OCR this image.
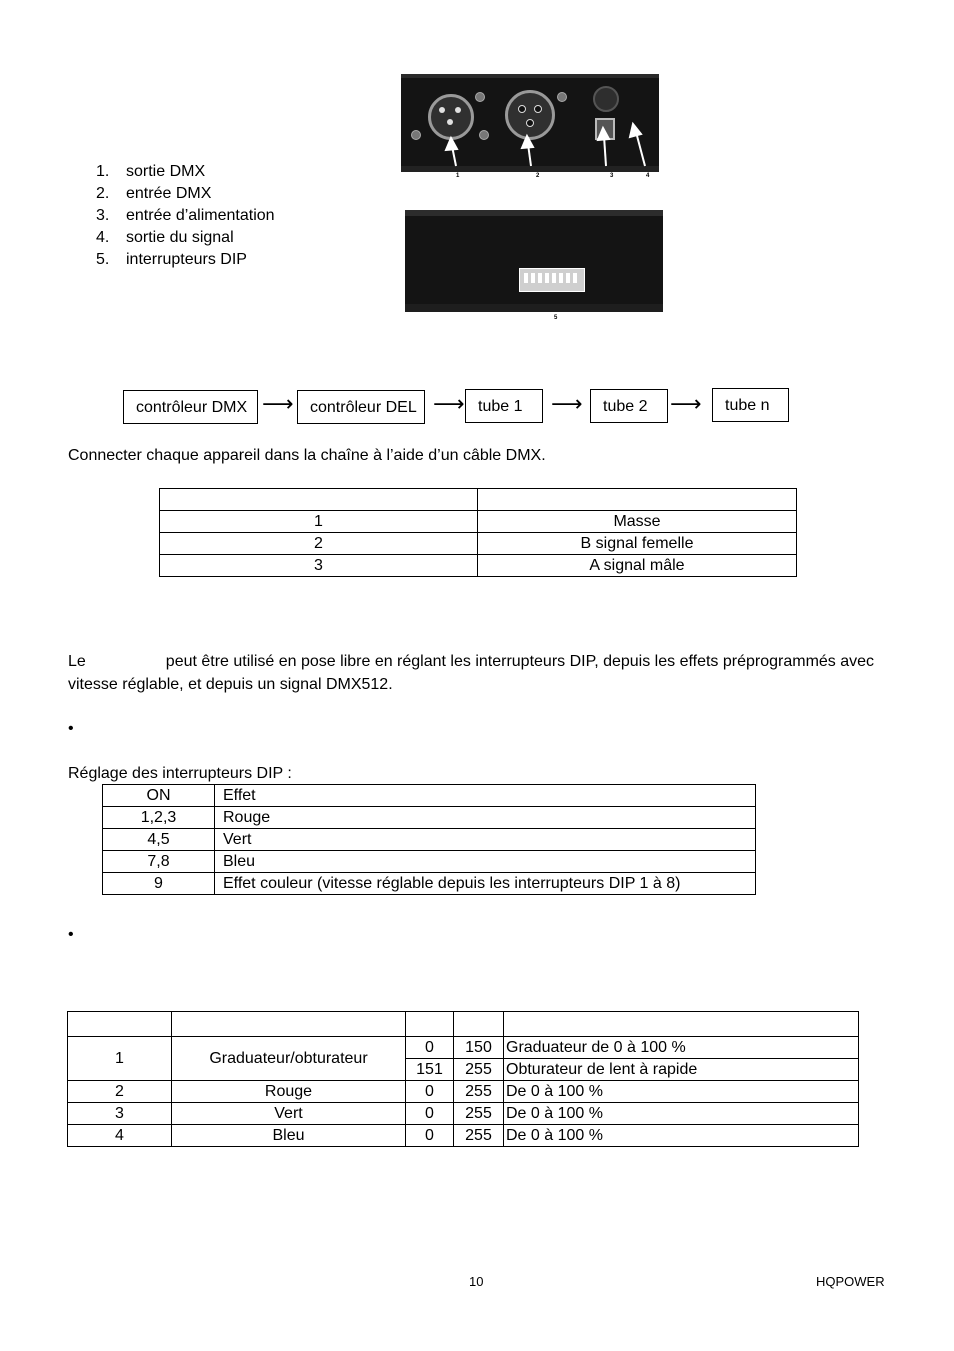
1. sortie DMX
2. entrée DMX
3. entrée d’alimentation
4. sortie du signal
5. interrupteurs DIP
1	2	3	4
5
contrôleur DMX ⟶	contrôleur DEL ⟶ tube 1	⟶	tube 2	⟶	tube n
Connecter chaque appareil dans la chaîne à l’aide d’un câble DMX.

1	Masse
2	B signal femelle
3	A signal mâle
Le	peut être utilisé en pose libre en réglant les interrupteurs DIP, depuis les effets préprogrammés avec
vitesse réglable, et depuis un signal DMX512.
•
Réglage des interrupteurs DIP :
ON	Effet
1,2,3	Rouge
4,5	Vert
7,8	Bleu
9	Effet couleur (vitesse réglable depuis les interrupteurs DIP 1 à 8)
•

1	Graduateur/obturateur	0	150	Graduateur de 0 à 100 %
		151	255	Obturateur de lent à rapide
2	Rouge	0	255	De 0 à 100 %
3	Vert	0	255	De 0 à 100 %
4	Bleu	0	255	De 0 à 100 %
10	HQPOWER
